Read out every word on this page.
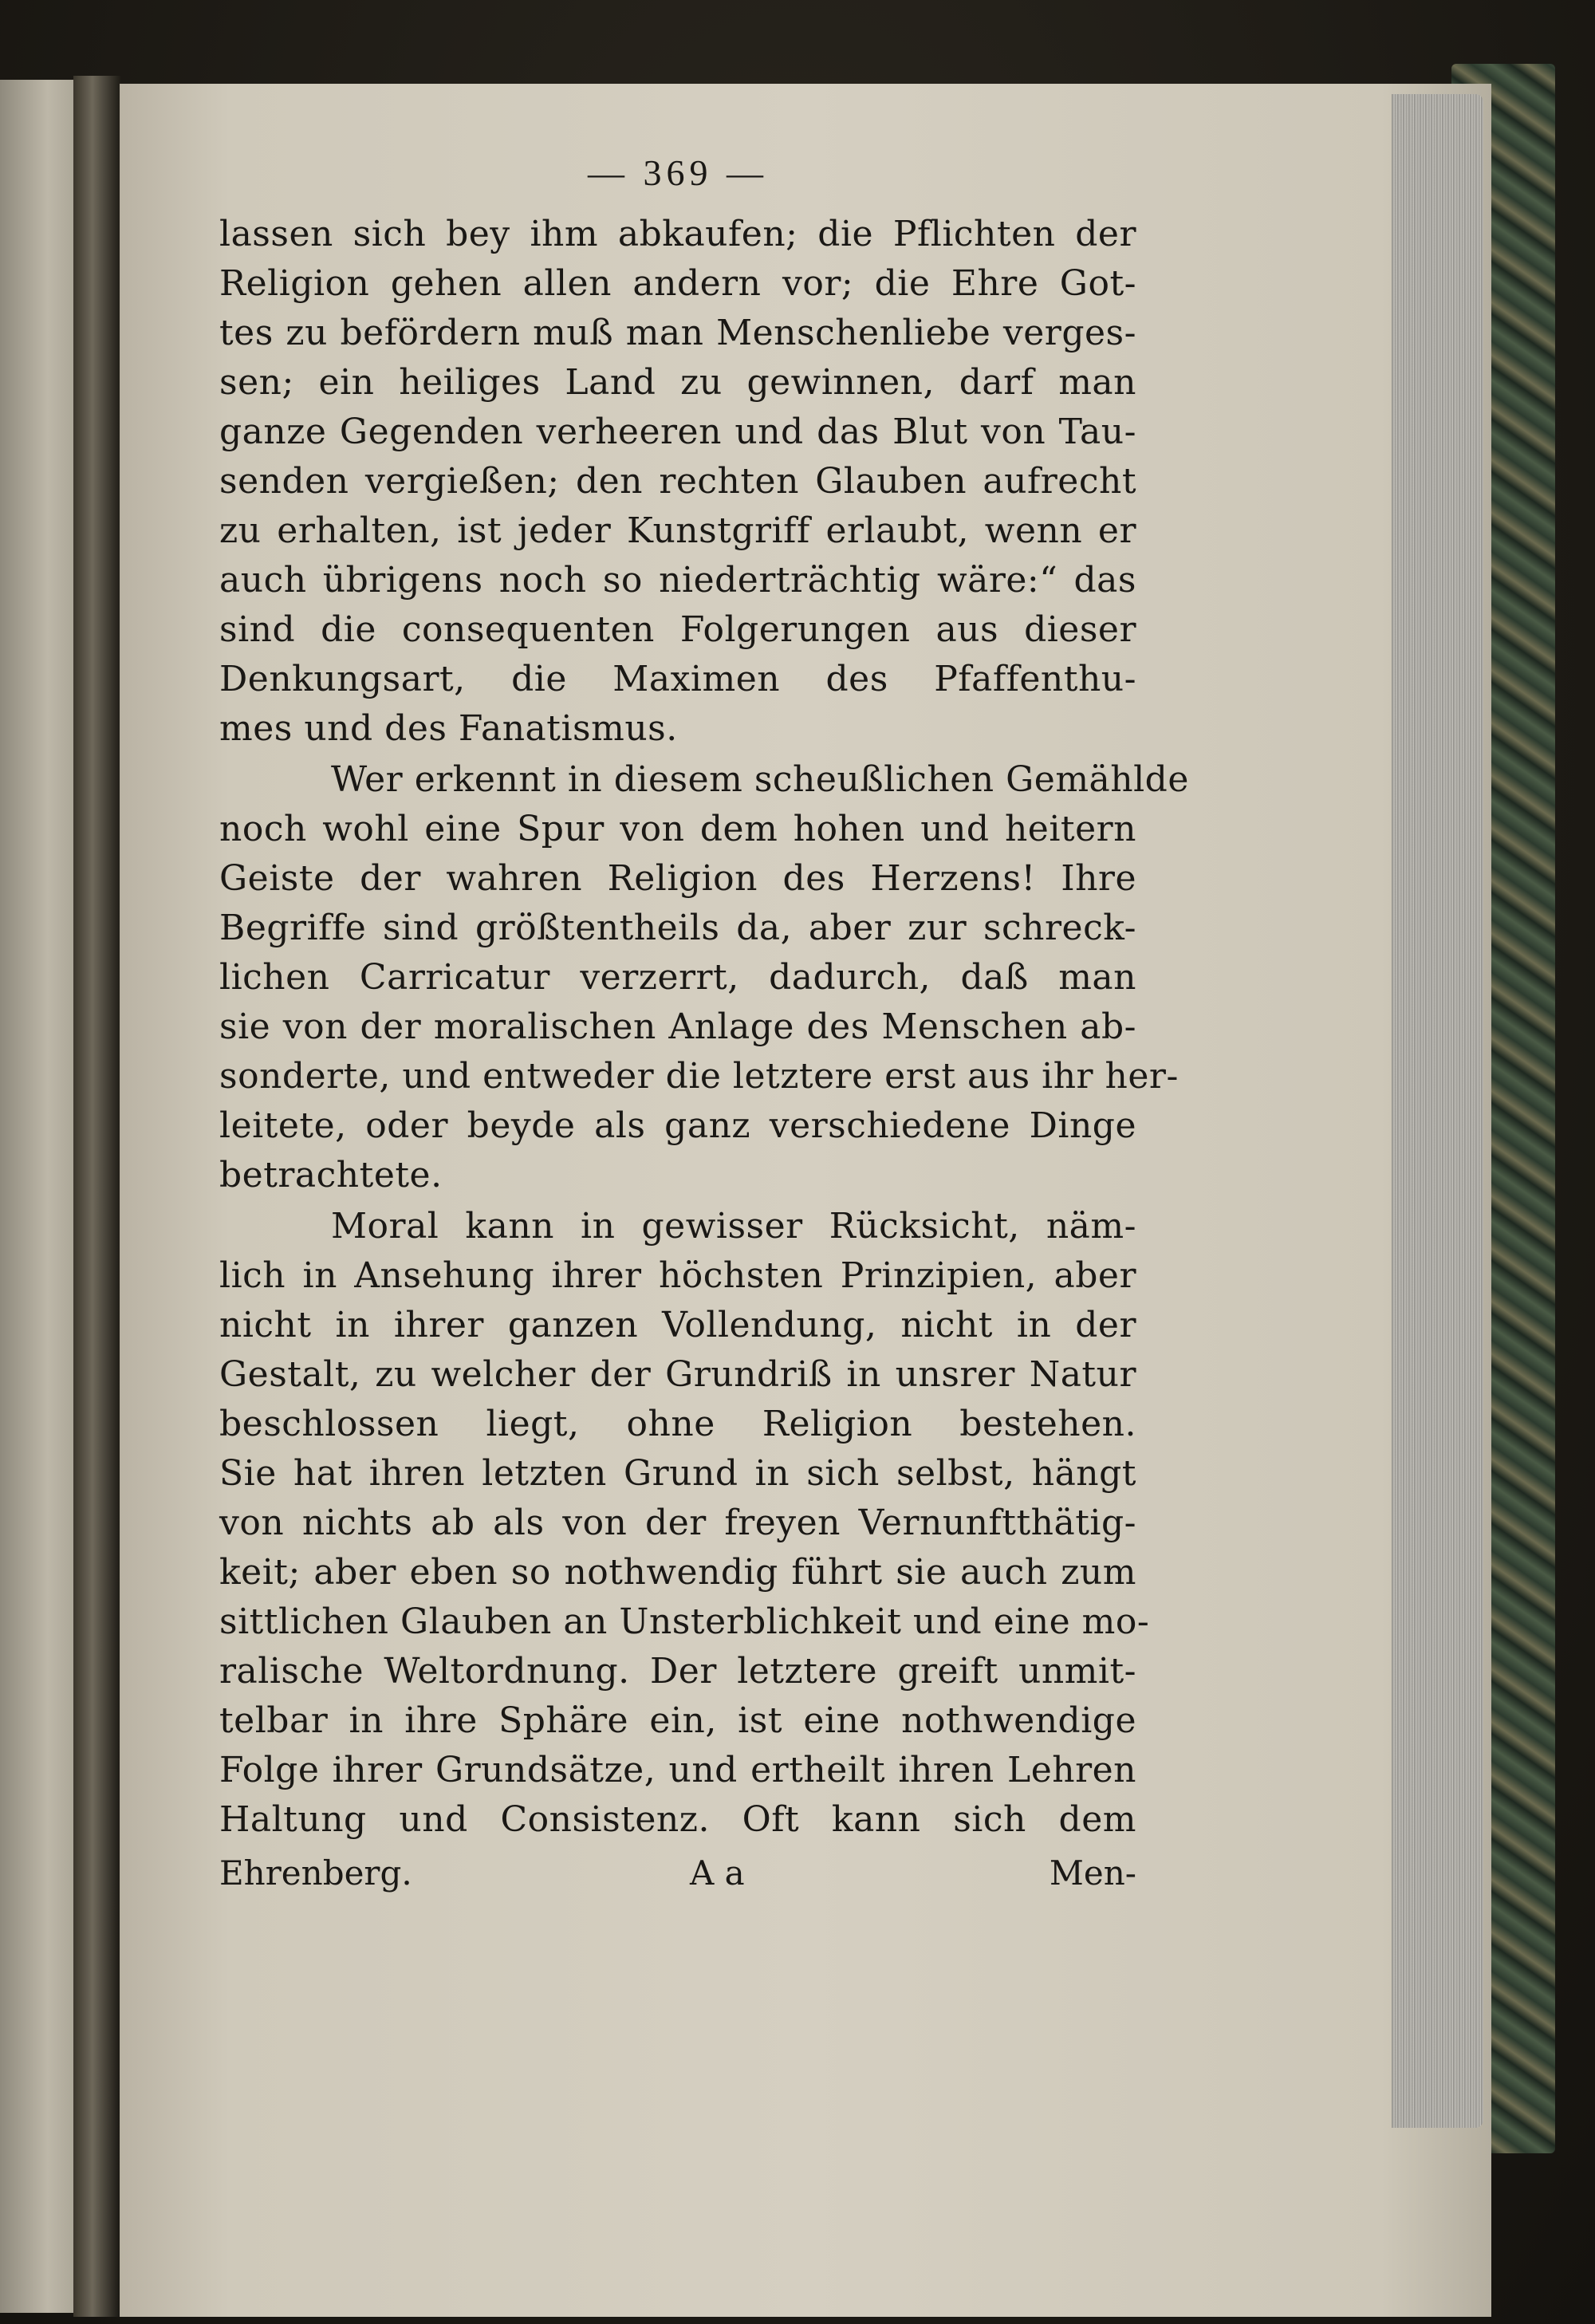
— 369 —
lassen sich bey ihm abkaufen; die Pflichten der
Religion gehen allen andern vor; die Ehre Got-
tes zu befördern muß man Menschenliebe verges-
sen; ein heiliges Land zu gewinnen, darf man
ganze Gegenden verheeren und das Blut von Tau-
senden vergießen; den rechten Glauben aufrecht
zu erhalten, ist jeder Kunstgriff erlaubt, wenn er
auch übrigens noch so niederträchtig wäre:“ das
sind die consequenten Folgerungen aus dieser
Denkungsart, die Maximen des Pfaffenthu-
mes und des Fanatismus.
Wer erkennt in diesem scheußlichen Gemählde
noch wohl eine Spur von dem hohen und heitern
Geiste der wahren Religion des Herzens! Ihre
Begriffe sind größtentheils da, aber zur schreck-
lichen Carricatur verzerrt, dadurch, daß man
sie von der moralischen Anlage des Menschen ab-
sonderte, und entweder die letztere erst aus ihr her-
leitete, oder beyde als ganz verschiedene Dinge
betrachtete.
Moral kann in gewisser Rücksicht, näm-
lich in Ansehung ihrer höchsten Prinzipien, aber
nicht in ihrer ganzen Vollendung, nicht in der
Gestalt, zu welcher der Grundriß in unsrer Natur
beschlossen liegt, ohne Religion bestehen.
Sie hat ihren letzten Grund in sich selbst, hängt
von nichts ab als von der freyen Vernunftthätig-
keit; aber eben so nothwendig führt sie auch zum
sittlichen Glauben an Unsterblichkeit und eine mo-
ralische Weltordnung. Der letztere greift unmit-
telbar in ihre Sphäre ein, ist eine nothwendige
Folge ihrer Grundsätze, und ertheilt ihren Lehren
Haltung und Consistenz. Oft kann sich dem
Ehrenberg.	A a	Men-
